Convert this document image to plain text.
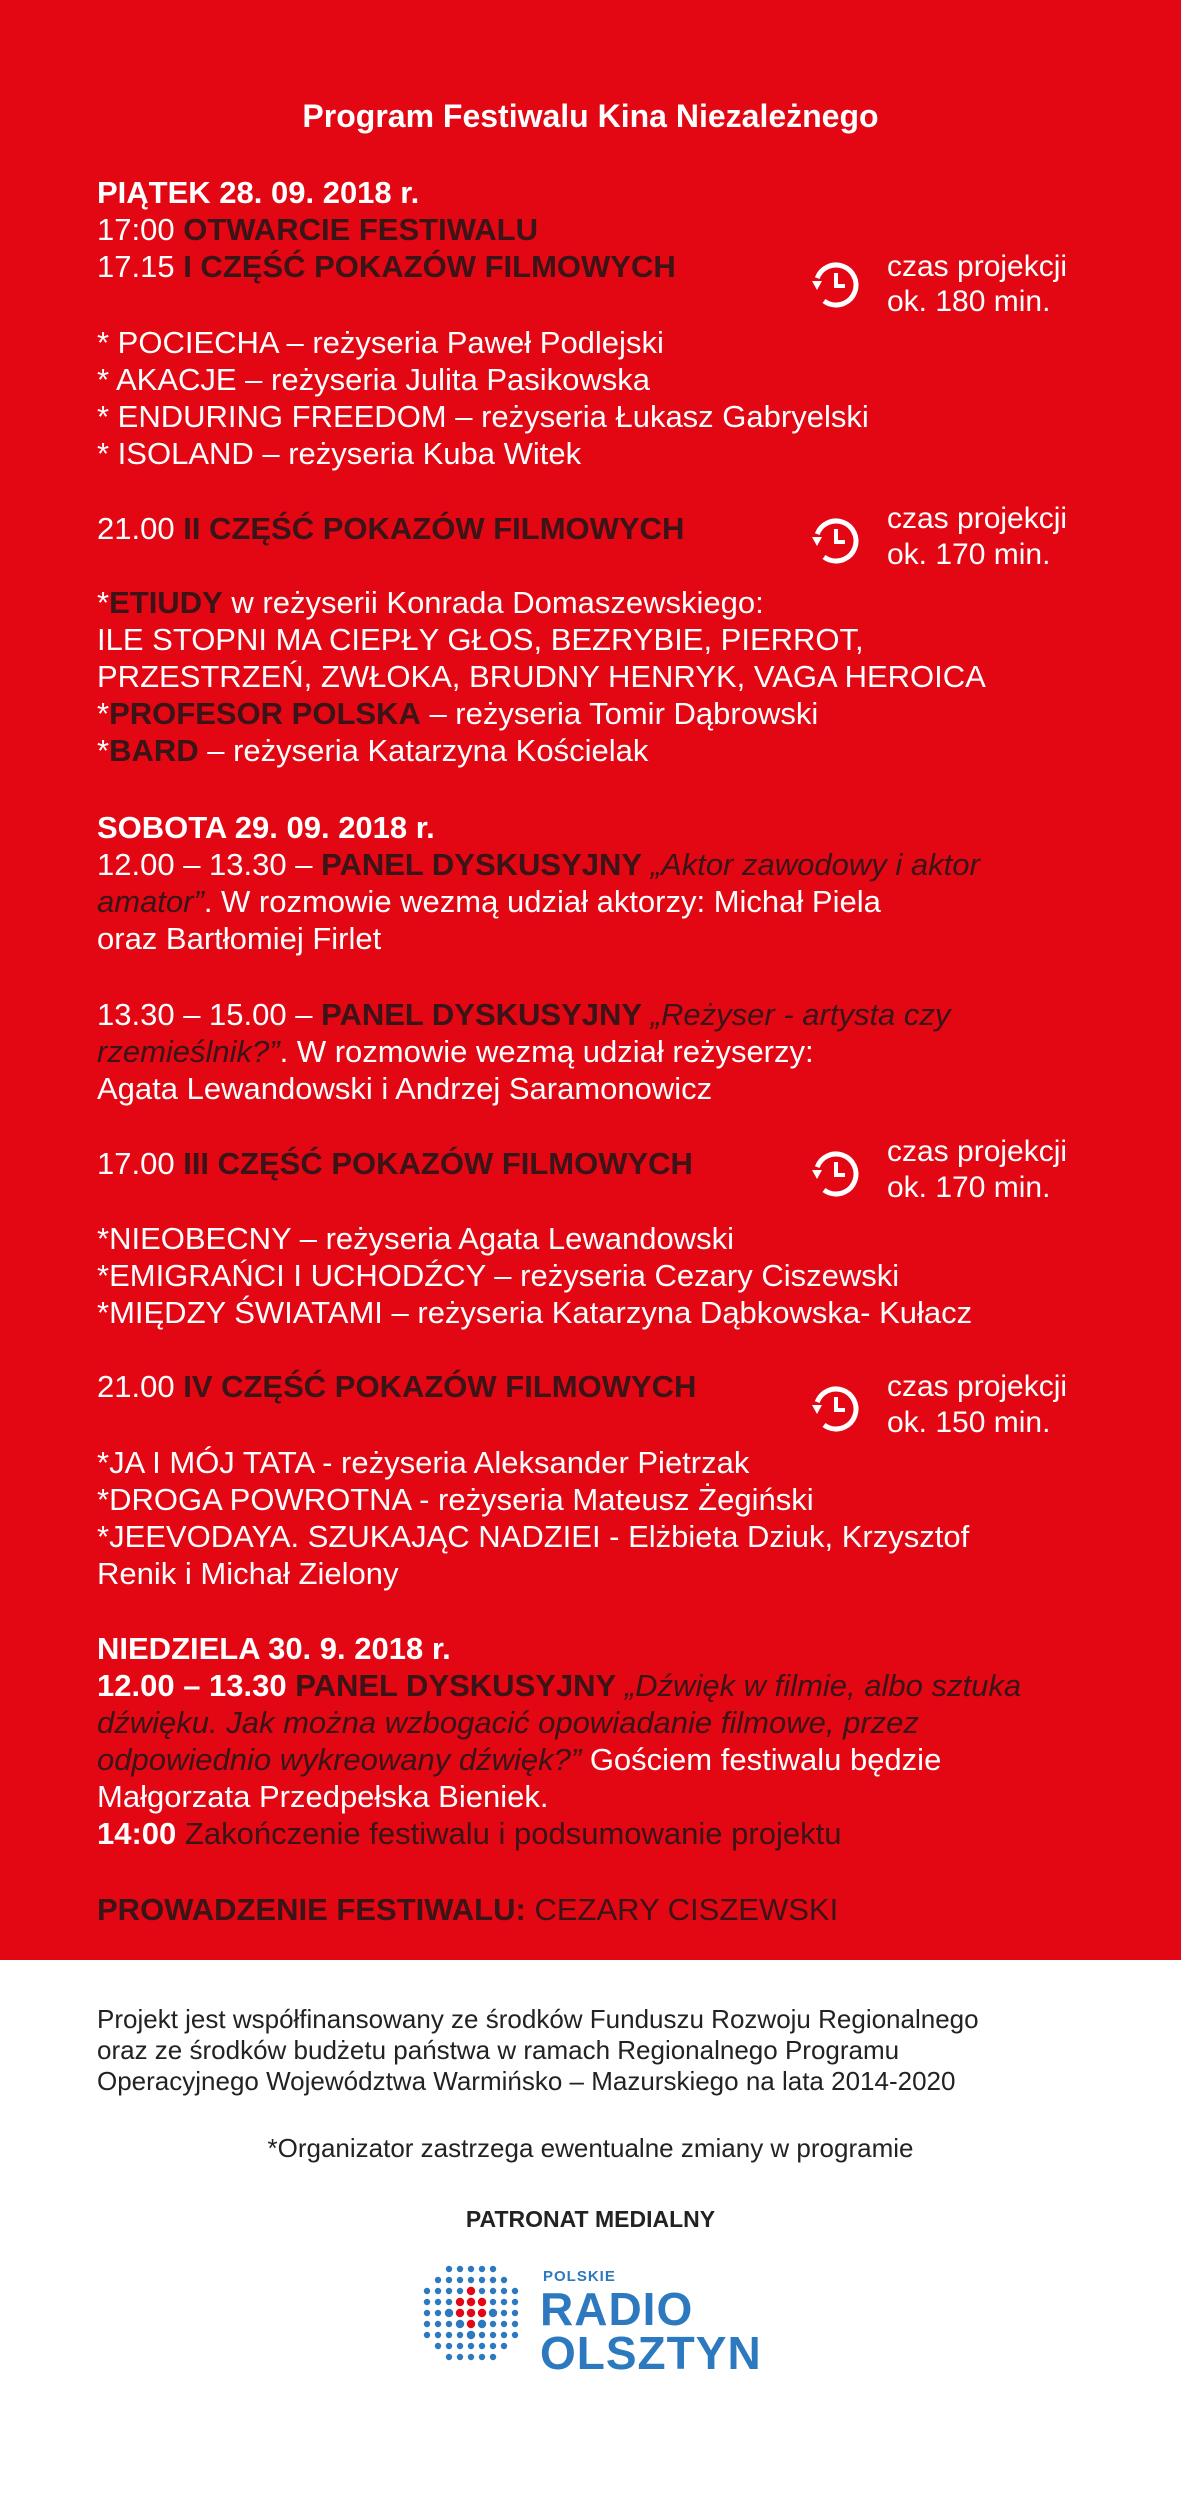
Program Festiwalu Kina Niezależnego
PIĄTEK 28. 09. 2018 r.
17:00 OTWARCIE FESTIWALU
17.15 I CZĘŚĆ POKAZÓW FILMOWYCH	czas projekcji
ok. 180 min.
* POCIECHA – reżyseria Paweł Podlejski
* AKACJE – reżyseria Julita Pasikowska
* ENDURING FREEDOM – reżyseria Łukasz Gabryelski
* ISOLAND – reżyseria Kuba Witek
21.00 II CZĘŚĆ POKAZÓW FILMOWYCH	czas projekcji
ok. 170 min.
*ETIUDY w reżyserii Konrada Domaszewskiego:
ILE STOPNI MA CIEPŁY GŁOS, BEZRYBIE, PIERROT,
PRZESTRZEŃ, ZWŁOKA, BRUDNY HENRYK, VAGA HEROICA
*PROFESOR POLSKA – reżyseria Tomir Dąbrowski
*BARD – reżyseria Katarzyna Kościelak
SOBOTA 29. 09. 2018 r.
12.00 – 13.30 – PANEL DYSKUSYJNY „Aktor zawodowy i aktor
amator”. W rozmowie wezmą udział aktorzy: Michał Piela
oraz Bartłomiej Firlet
13.30 – 15.00 – PANEL DYSKUSYJNY „Reżyser - artysta czy
rzemieślnik?”. W rozmowie wezmą udział reżyserzy:
Agata Lewandowski i Andrzej Saramonowicz
17.00 III CZĘŚĆ POKAZÓW FILMOWYCH	czas projekcji
ok. 170 min.
*NIEOBECNY – reżyseria Agata Lewandowski
*EMIGRAŃCI I UCHODŹCY – reżyseria Cezary Ciszewski
*MIĘDZY ŚWIATAMI – reżyseria Katarzyna Dąbkowska- Kułacz
21.00 IV CZĘŚĆ POKAZÓW FILMOWYCH	czas projekcji
ok. 150 min.
*JA I MÓJ TATA - reżyseria Aleksander Pietrzak
*DROGA POWROTNA - reżyseria Mateusz Żegiński
*JEEVODAYA. SZUKAJĄC NADZIEI - Elżbieta Dziuk, Krzysztof
Renik i Michał Zielony
NIEDZIELA 30. 9. 2018 r.
12.00 – 13.30 PANEL DYSKUSYJNY „Dźwięk w filmie, albo sztuka
dźwięku. Jak można wzbogacić opowiadanie filmowe, przez
odpowiednio wykreowany dźwięk?” Gościem festiwalu będzie
Małgorzata Przedpełska Bieniek.
14:00 Zakończenie festiwalu i podsumowanie projektu
PROWADZENIE FESTIWALU: CEZARY CISZEWSKI
Projekt jest współfinansowany ze środków Funduszu Rozwoju Regionalnego
oraz ze środków budżetu państwa w ramach Regionalnego Programu
Operacyjnego Województwa Warmińsko – Mazurskiego na lata 2014-2020
*Organizator zastrzega ewentualne zmiany w programie
PATRONAT MEDIALNY
POLSKIE
RADIO
OLSZTYN
